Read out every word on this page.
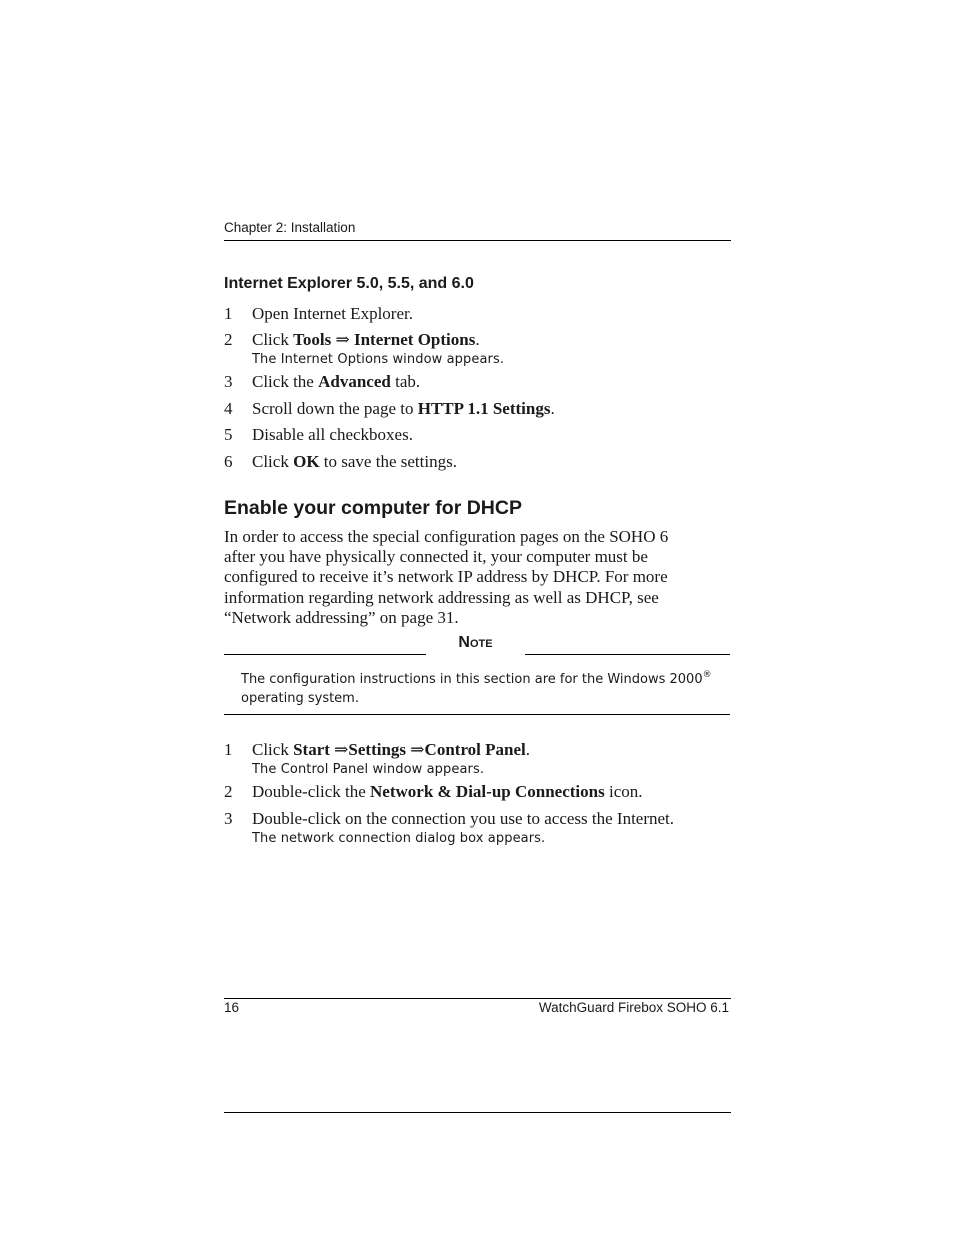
Chapter 2: Installation
Internet Explorer 5.0, 5.5, and 6.0
1 Open Internet Explorer.
2 Click Tools ⇒ Internet Options.
The Internet Options window appears.
3 Click the Advanced tab.
4 Scroll down the page to HTTP 1.1 Settings.
5 Disable all checkboxes.
6 Click OK to save the settings.
Enable your computer for DHCP

In order to access the special configuration pages on the SOHO 6

after you have physically connected it, your computer must be

configured to receive it’s network IP address by DHCP. For more

information regarding network addressing as well as DHCP, see

“Network addressing” on page 31.

Note

The configuration instructions in this section are for the Windows 2000®

operating system.

1 Click Start ⇒Settings ⇒Control Panel.
The Control Panel window appears.
2 Double-click the Network & Dial-up Connections icon.
3 Double-click on the connection you use to access the Internet.
The network connection dialog box appears.
16	WatchGuard Firebox SOHO 6.1
